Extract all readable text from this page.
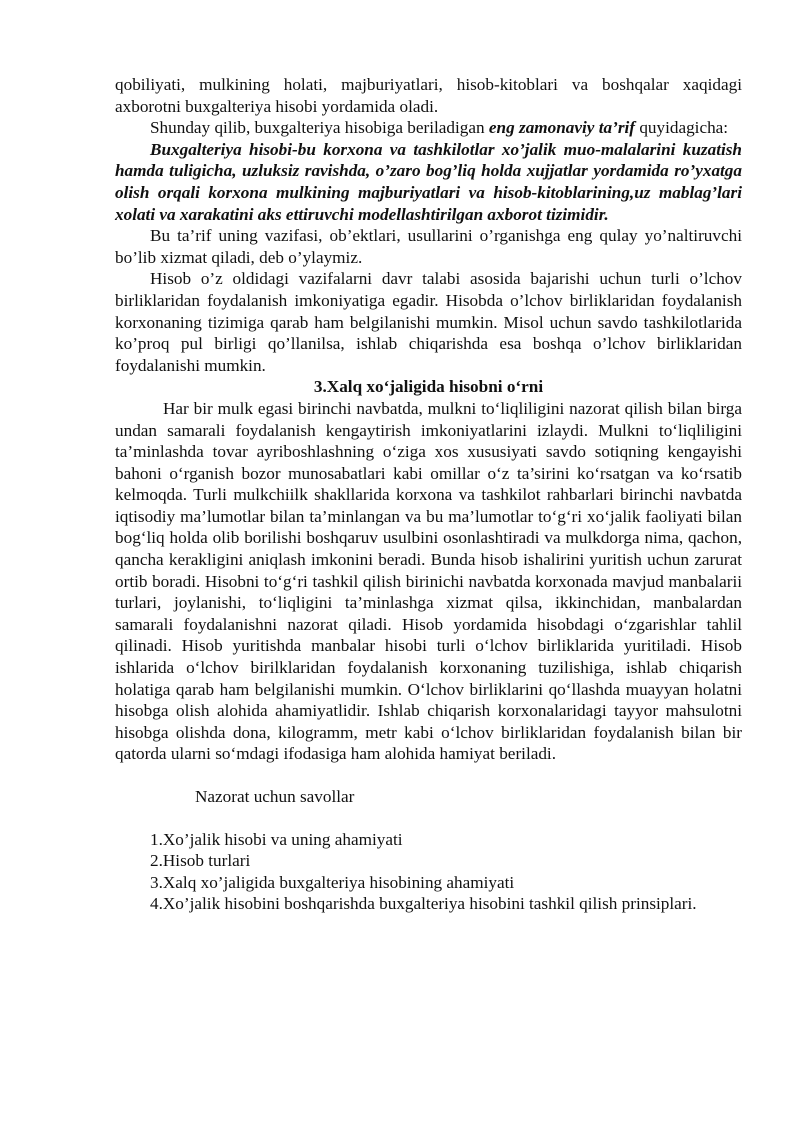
qobiliyati, mulkining holati, majburiyatlari, hisob-kitoblari va boshqalar xaqidagi axborotni buxgalteriya hisobi yordamida oladi.

Shunday qilib, buxgalteriya hisobiga beriladigan eng zamonaviy ta’rif quyidagicha:

Buxgalteriya hisobi-bu korxona va tashkilotlar xo’jalik muo-malalarini kuzatish hamda tuligicha, uzluksiz ravishda, o’zaro bog’liq holda xujjatlar yordamida ro’yxatga olish orqali korxona mulkining majburiyatlari va hisob-kitoblarining,uz mablag’lari xolati va xarakatini aks ettiruvchi modellashtirilgan axborot tizimidir.

Bu ta’rif uning vazifasi, ob’ektlari, usullarini o’rganishga eng qulay yo’naltiruvchi bo’lib xizmat qiladi, deb o’ylaymiz.

Hisob o’z oldidagi vazifalarni davr talabi asosida bajarishi uchun turli o’lchov birliklaridan foydalanish imkoniyatiga egadir. Hisobda o’lchov birliklaridan foydalanish korxonaning tizimiga qarab ham belgilanishi mumkin. Misol uchun savdo tashkilotlarida ko’proq pul birligi qo’llanilsa, ishlab chiqarishda esa boshqa o’lchov birliklaridan foydalanishi mumkin.

3.Xalq xo‘jaligida hisobni o‘rni

Har bir mulk egasi birinchi navbatda, mulkni to‘liqliligini nazorat qilish bilan birga undan samarali foydalanish kengaytirish imkoniyatlarini izlaydi. Mulkni to‘liqliligini ta’minlashda tovar ayriboshlashning o‘ziga xos xususiyati savdo sotiqning kengayishi bahoni o‘rganish bozor munosabatlari kabi omillar o‘z ta’sirini ko‘rsatgan va ko‘rsatib kelmoqda. Turli mulkchiilk shakllarida korxona va tashkilot rahbarlari birinchi navbatda iqtisodiy ma’lumotlar bilan ta’minlangan va bu ma’lumotlar to‘g‘ri xo‘jalik faoliyati bilan bog‘liq holda olib borilishi boshqaruv usulbini osonlashtiradi va mulkdorga nima, qachon, qancha kerakligini aniqlash imkonini beradi. Bunda hisob ishalirini yuritish uchun zarurat ortib boradi. Hisobni to‘g‘ri tashkil qilish birinichi navbatda korxonada mavjud manbalarii turlari, joylanishi, to‘liqligini ta’minlashga xizmat qilsa, ikkinchidan, manbalardan samarali foydalanishni nazorat qiladi. Hisob yordamida hisobdagi o‘zgarishlar tahlil qilinadi. Hisob yuritishda manbalar hisobi turli o‘lchov birliklarida yuritiladi. Hisob ishlarida o‘lchov birilklaridan foydalanish korxonaning tuzilishiga, ishlab chiqarish holatiga qarab ham belgilanishi mumkin. O‘lchov birliklarini qo‘llashda muayyan holatni hisobga olish alohida ahamiyatlidir. Ishlab chiqarish korxonalaridagi tayyor mahsulotni hisobga olishda dona, kilogramm, metr kabi o‘lchov birliklaridan foydalanish bilan bir qatorda ularni so‘mdagi ifodasiga ham alohida hamiyat beriladi.

Nazorat uchun savollar

1.Xo’jalik hisobi va uning ahamiyati
2.Hisob turlari
3.Xalq xo’jaligida buxgalteriya hisobining ahamiyati
4.Xo’jalik hisobini boshqarishda buxgalteriya hisobini tashkil qilish prinsiplari.
